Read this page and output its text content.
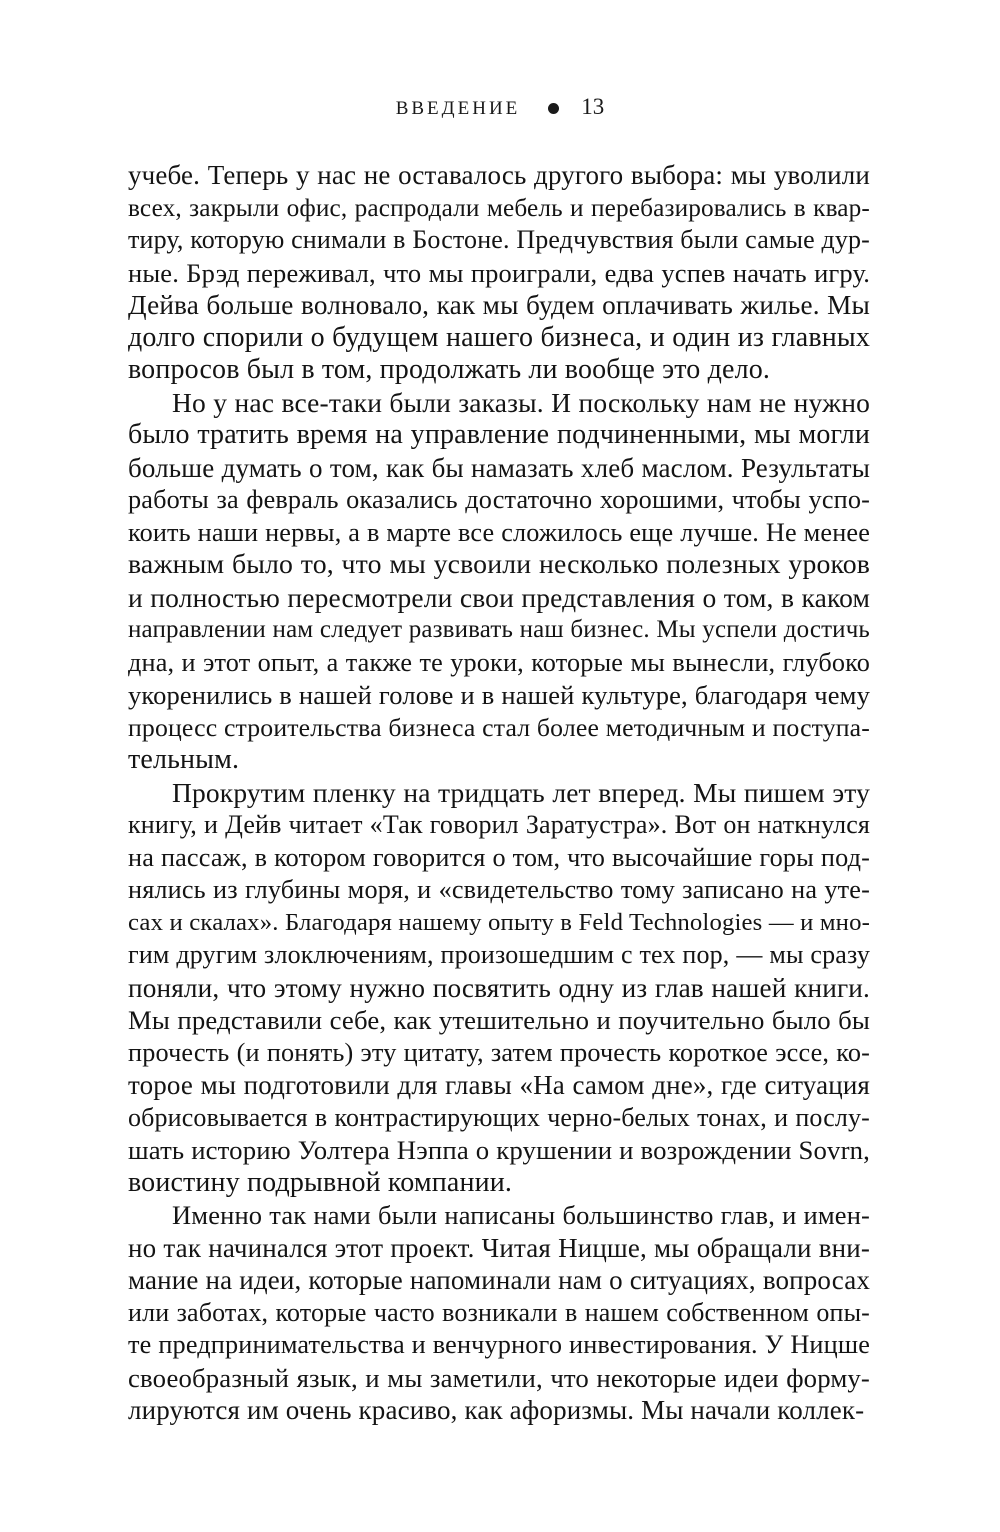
ВВЕДЕНИЕ	13
учебе. Теперь у нас не оставалось другого выбора: мы уволили
всех, закрыли офис, распродали мебель и перебазировались в квар-
тиру, которую снимали в Бостоне. Предчувствия были самые дур-
ные. Брэд переживал, что мы проиграли, едва успев начать игру.
Дейва больше волновало, как мы будем оплачивать жилье. Мы
долго спорили о будущем нашего бизнеса, и один из главных
вопросов был в том, продолжать ли вообще это дело.
Но у нас все-таки были заказы. И поскольку нам не нужно
было тратить время на управление подчиненными, мы могли
больше думать о том, как бы намазать хлеб маслом. Результаты
работы за февраль оказались достаточно хорошими, чтобы успо-
коить наши нервы, а в марте все сложилось еще лучше. Не менее
важным было то, что мы усвоили несколько полезных уроков
и полностью пересмотрели свои представления о том, в каком
направлении нам следует развивать наш бизнес. Мы успели достичь
дна, и этот опыт, а также те уроки, которые мы вынесли, глубоко
укоренились в нашей голове и в нашей культуре, благодаря чему
процесс строительства бизнеса стал более методичным и поступа-
тельным.
Прокрутим пленку на тридцать лет вперед. Мы пишем эту
книгу, и Дейв читает «Так говорил Заратустра». Вот он наткнулся
на пассаж, в котором говорится о том, что высочайшие горы под-
нялись из глубины моря, и «свидетельство тому записано на уте-
сах и скалах». Благодаря нашему опыту в Feld Technologies — и мно-
гим другим злоключениям, произошедшим с тех пор, — мы сразу
поняли, что этому нужно посвятить одну из глав нашей книги.
Мы представили себе, как утешительно и поучительно было бы
прочесть (и понять) эту цитату, затем прочесть короткое эссе, ко-
торое мы подготовили для главы «На самом дне», где ситуация
обрисовывается в контрастирующих черно-белых тонах, и послу-
шать историю Уолтера Нэппа о крушении и возрождении Sovrn,
воистину подрывной компании.
Именно так нами были написаны большинство глав, и имен-
но так начинался этот проект. Читая Ницше, мы обращали вни-
мание на идеи, которые напоминали нам о ситуациях, вопросах
или заботах, которые часто возникали в нашем собственном опы-
те предпринимательства и венчурного инвестирования. У Ницше
своеобразный язык, и мы заметили, что некоторые идеи форму-
лируются им очень красиво, как афоризмы. Мы начали коллек-
